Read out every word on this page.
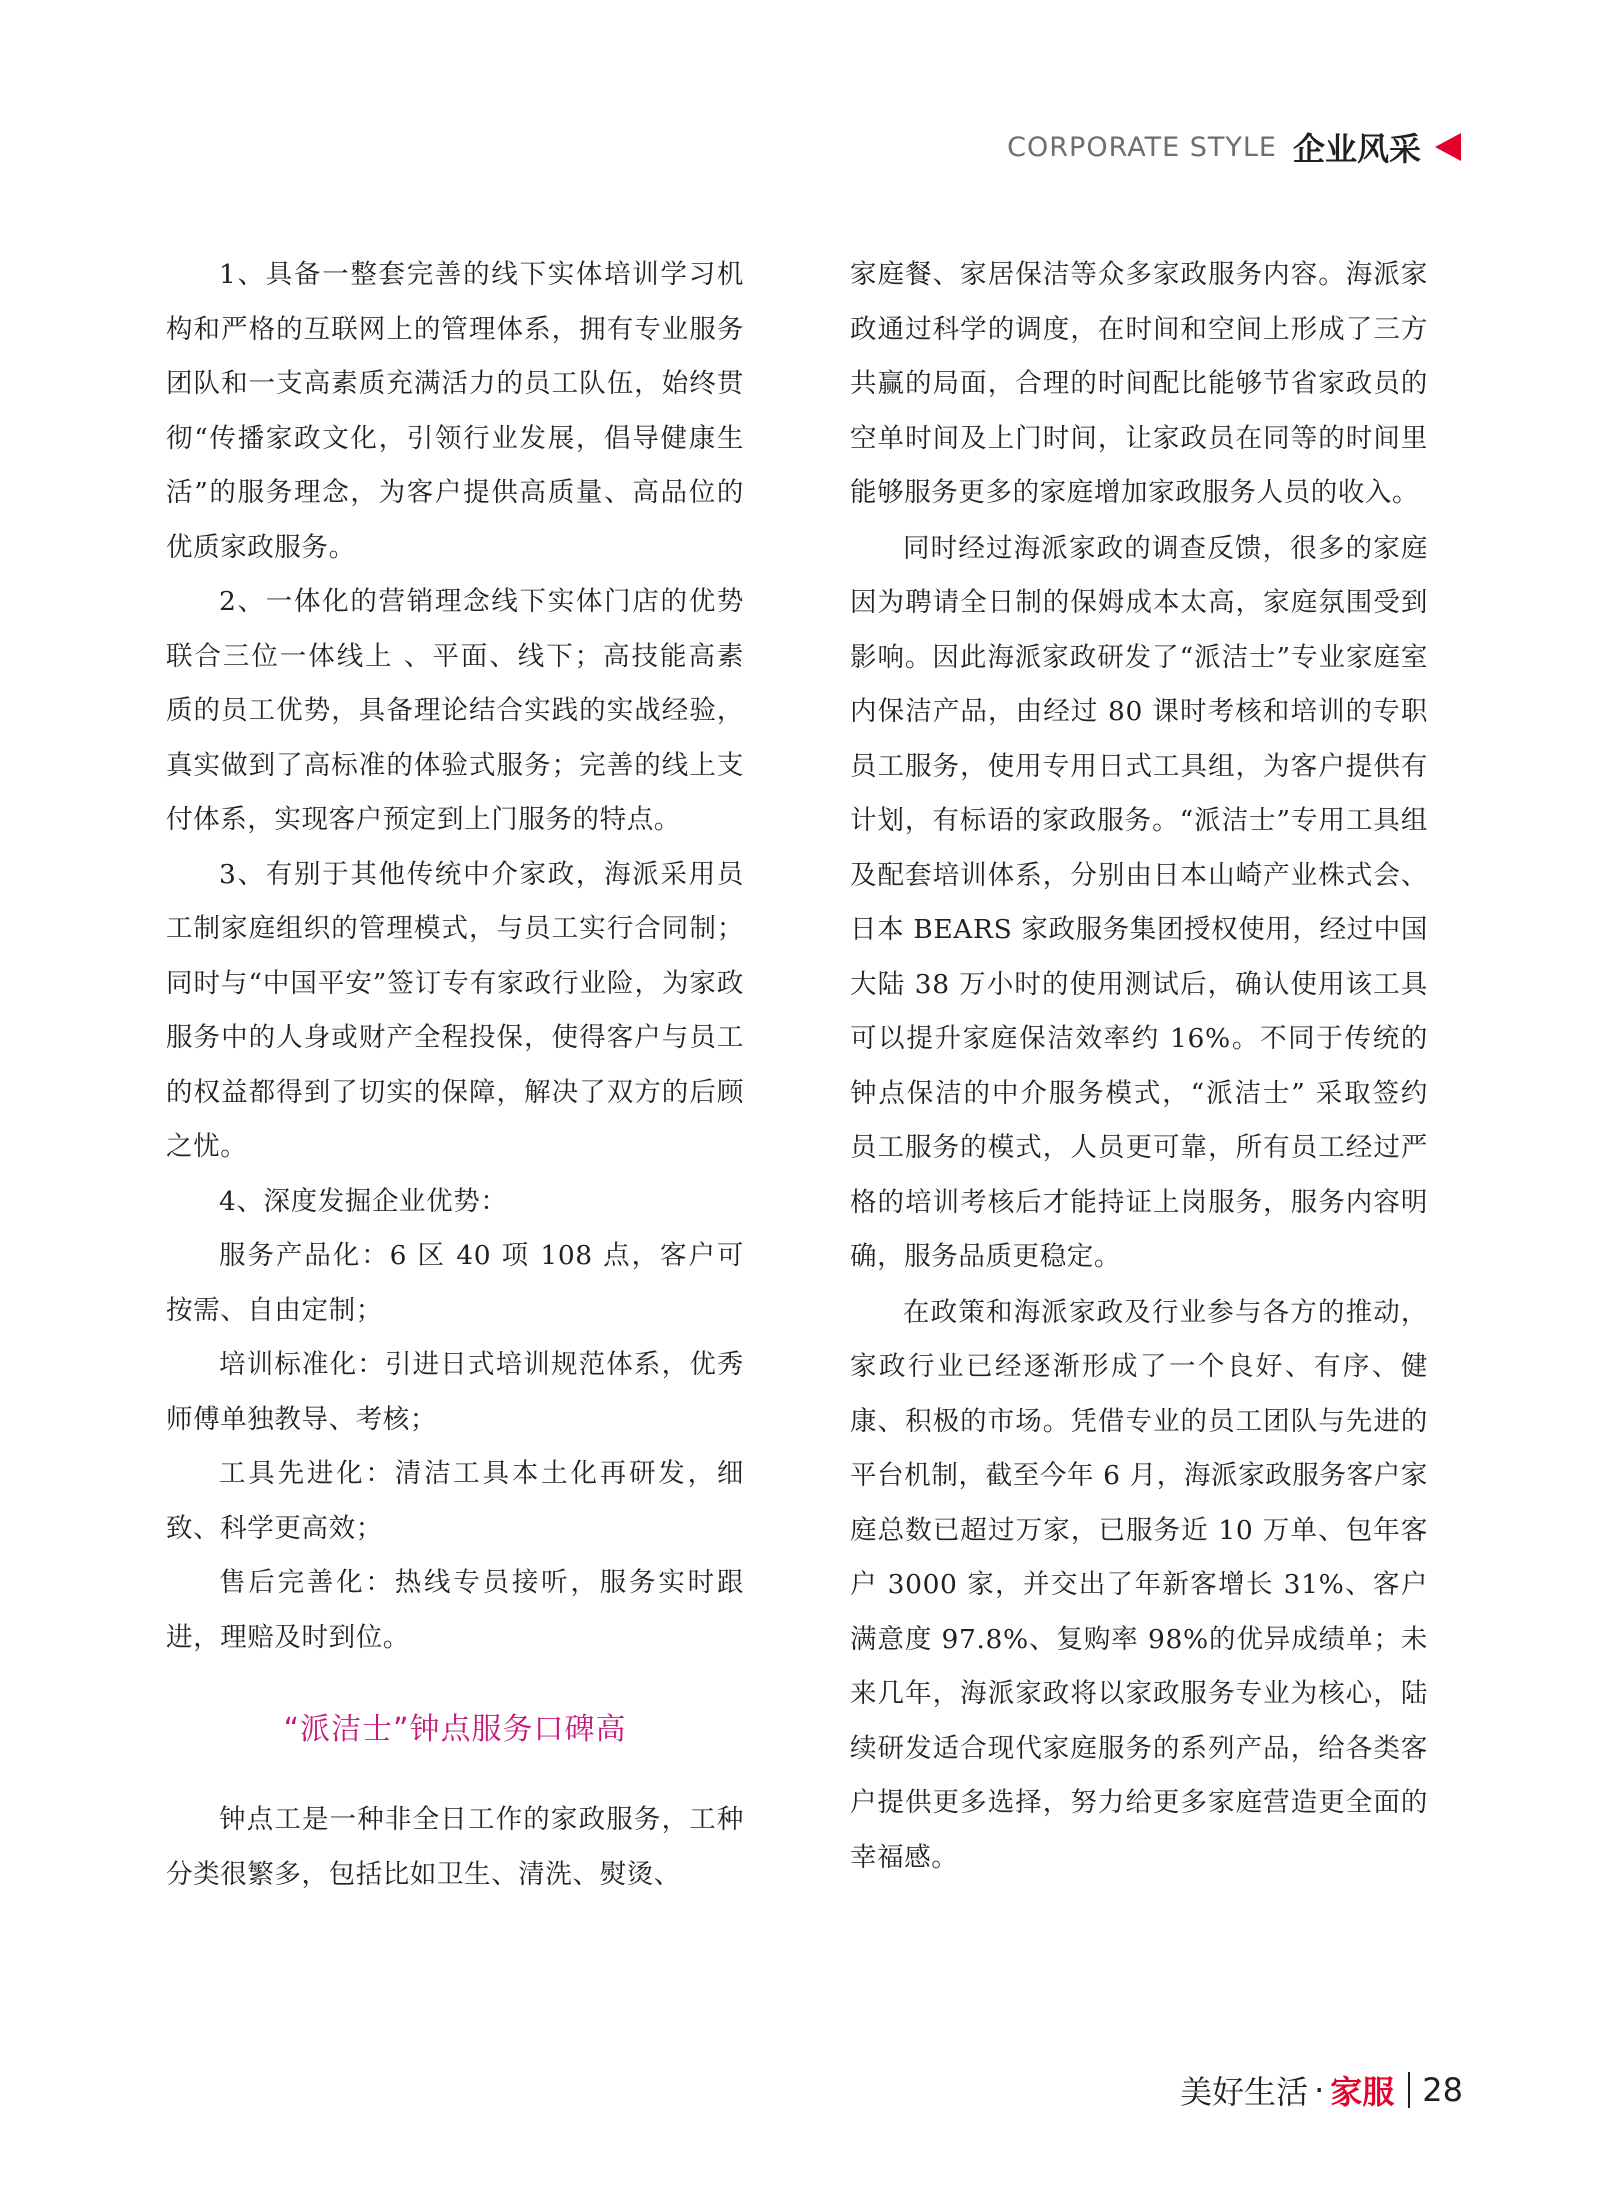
CORPORATE STYLE 企业风采

1、具备一整套完善的线下实体培训学习机构和严格的互联网上的管理体系，拥有专业服务团队和一支高素质充满活力的员工队伍，始终贯彻“传播家政文化，引领行业发展，倡导健康生活”的服务理念，为客户提供高质量、高品位的优质家政服务。

2、一体化的营销理念线下实体门店的优势联合三位一体线上 、平面、线下；高技能高素质的员工优势，具备理论结合实践的实战经验，真实做到了高标准的体验式服务；完善的线上支付体系，实现客户预定到上门服务的特点。

3、有别于其他传统中介家政，海派采用员工制家庭组织的管理模式，与员工实行合同制；同时与“中国平安”签订专有家政行业险，为家政服务中的人身或财产全程投保，使得客户与员工的权益都得到了切实的保障，解决了双方的后顾之忧。

4、深度发掘企业优势：

服务产品化：6 区 40 项 108 点，客户可按需、自由定制；

培训标准化：引进日式培训规范体系，优秀师傅单独教导、考核；

工具先进化：清洁工具本土化再研发，细致、科学更高效；

售后完善化：热线专员接听，服务实时跟进，理赔及时到位。

“派洁士”钟点服务口碑高

钟点工是一种非全日工作的家政服务，工种分类很繁多，包括比如卫生、清洗、熨烫、

家庭餐、家居保洁等众多家政服务内容。海派家政通过科学的调度，在时间和空间上形成了三方共赢的局面，合理的时间配比能够节省家政员的空单时间及上门时间，让家政员在同等的时间里能够服务更多的家庭增加家政服务人员的收入。

同时经过海派家政的调查反馈，很多的家庭因为聘请全日制的保姆成本太高，家庭氛围受到影响。因此海派家政研发了“派洁士”专业家庭室内保洁产品，由经过 80 课时考核和培训的专职员工服务，使用专用日式工具组，为客户提供有计划，有标语的家政服务。“派洁士”专用工具组及配套培训体系，分别由日本山崎产业株式会、日本 BEARS 家政服务集团授权使用，经过中国大陆 38 万小时的使用测试后，确认使用该工具可以提升家庭保洁效率约 16%。不同于传统的钟点保洁的中介服务模式，“派洁士” 采取签约员工服务的模式，人员更可靠，所有员工经过严格的培训考核后才能持证上岗服务，服务内容明确，服务品质更稳定。

在政策和海派家政及行业参与各方的推动，家政行业已经逐渐形成了一个良好、有序、健康、积极的市场。凭借专业的员工团队与先进的平台机制，截至今年 6 月，海派家政服务客户家庭总数已超过万家，已服务近 10 万单、包年客户 3000 家，并交出了年新客增长 31%、客户满意度 97.8%、复购率 98%的优异成绩单；未来几年，海派家政将以家政服务专业为核心，陆续研发适合现代家庭服务的系列产品，给各类客户提供更多选择，努力给更多家庭营造更全面的幸福感。

美好生活 · 家服 28
